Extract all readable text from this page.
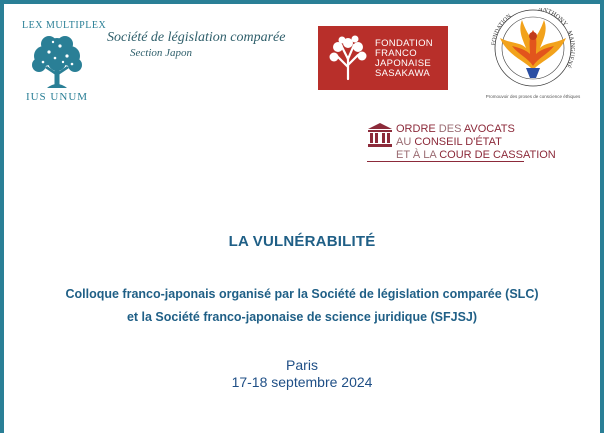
LEX MULTIPLEX
IUS UNUM
Société de législation comparée
Section Japon
FONDATION
FRANCO
JAPONAISE
SASAKAWA
ANTHONY
FONDATION
MAINGUENÉ
Promouvoir des proses de conscience éthiques
ORDRE DES AVOCATS
AU CONSEIL D'ÉTAT
ET À LA COUR DE CASSATION
LA VULNÉRABILITÉ
Colloque franco-japonais organisé par la Société de législation comparée (SLC)
et la Société franco-japonaise de science juridique (SFJSJ)
Paris
17-18 septembre 2024
